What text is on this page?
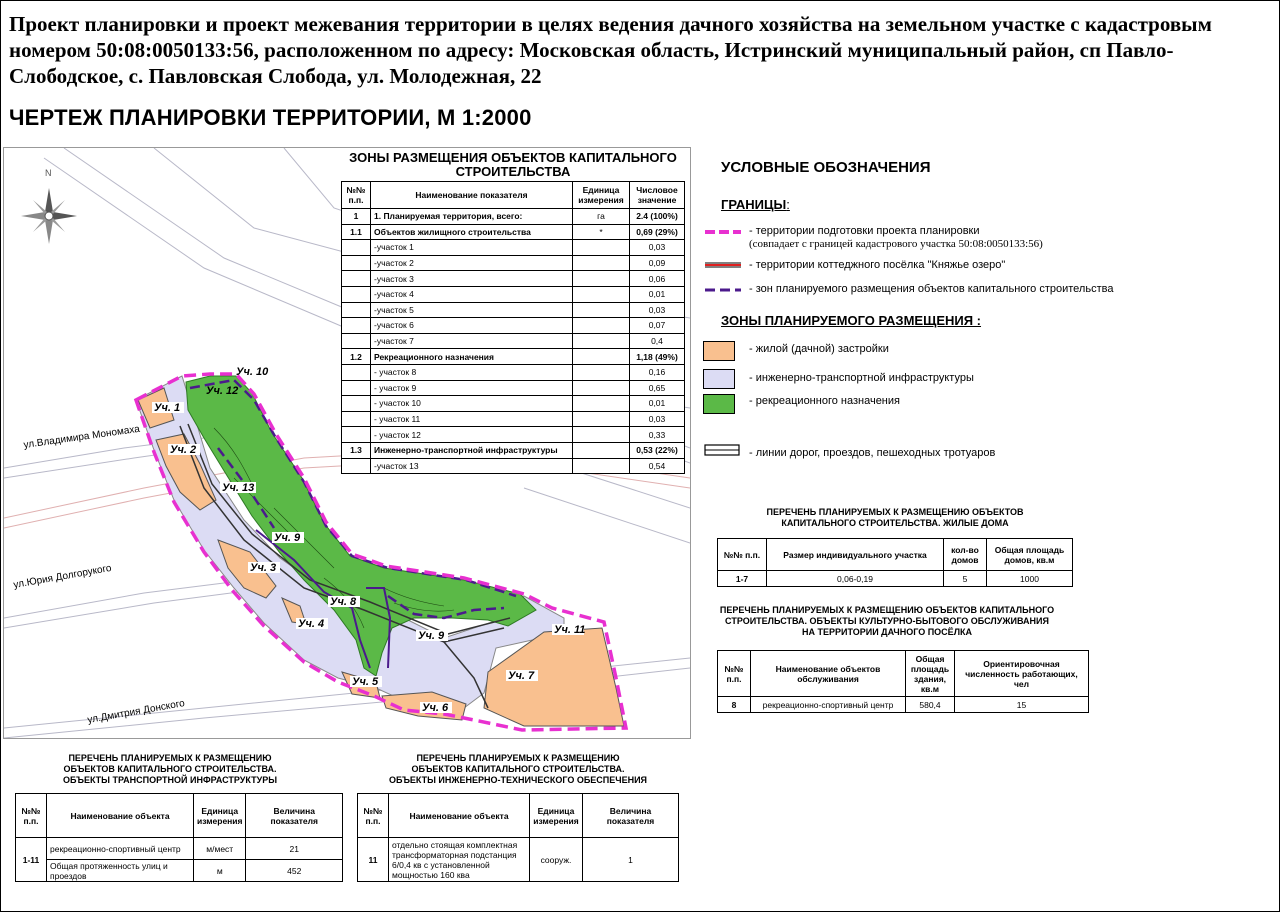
Проект планировки и проект межевания территории в целях ведения дачного хозяйства на земельном участке с кадастровым номером 50:08:0050133:56, расположенном по адресу: Московская область, Истринский муниципальный район, сп Павло-Слободское, с. Павловская Слобода, ул. Молодежная, 22
ЧЕРТЕЖ ПЛАНИРОВКИ ТЕРРИТОРИИ, М 1:2000
N
ул.Владимира Мономаха
ул.Юрия Долгорукого
ул.Дмитрия Донского
Уч. 1
Уч. 2
Уч. 3
Уч. 4
Уч. 5
Уч. 6
Уч. 7
Уч. 8
Уч. 9
Уч. 9
Уч. 10
Уч. 11
Уч. 12
Уч. 13
ЗОНЫ РАЗМЕЩЕНИЯ ОБЪЕКТОВ КАПИТАЛЬНОГО СТРОИТЕЛЬСТВА
№№ п.п.	Наименование показателя	Единица измерения	Числовое значение
1	1. Планируемая территория, всего:	га	2.4 (100%)
1.1	Объектов жилищного строительства	*	0,69 (29%)
	-участок 1		0,03
	-участок 2		0,09
	-участок 3		0,06
	-участок 4		0,01
	-участок 5		0,03
	-участок 6		0,07
	-участок 7		0,4
1.2	Рекреационного назначения		1,18 (49%)
	- участок 8		0,16
	- участок 9		0,65
	- участок 10		0,01
	- участок 11		0,03
	- участок 12		0,33
1.3	Инженерно-транспортной инфраструктуры		0,53 (22%)
	-участок 13		0,54
УСЛОВНЫЕ ОБОЗНАЧЕНИЯ
ГРАНИЦЫ:
- территории подготовки проекта планировки
(совпадает с границей кадастрового участка 50:08:0050133:56)
- территории коттеджного посёлка "Княжье озеро"
- зон планируемого размещения объектов капитального строительства
ЗОНЫ ПЛАНИРУЕМОГО РАЗМЕЩЕНИЯ :
- жилой (дачной) застройки
- инженерно-транспортной инфраструктуры
- рекреационного назначения
- линии дорог, проездов, пешеходных тротуаров
ПЕРЕЧЕНЬ ПЛАНИРУЕМЫХ К РАЗМЕЩЕНИЮ ОБЪЕКТОВ
КАПИТАЛЬНОГО СТРОИТЕЛЬСТВА. ЖИЛЫЕ ДОМА
№№ п.п.	Размер индивидуального участка	кол-во домов	Общая площадь домов, кв.м
1-7	0,06-0,19	5	1000
ПЕРЕЧЕНЬ ПЛАНИРУЕМЫХ К РАЗМЕЩЕНИЮ ОБЪЕКТОВ КАПИТАЛЬНОГО
СТРОИТЕЛЬСТВА. ОБЪЕКТЫ КУЛЬТУРНО-БЫТОВОГО ОБСЛУЖИВАНИЯ
НА ТЕРРИТОРИИ ДАЧНОГО ПОСЁЛКА
№№ п.п.	Наименование объектов обслуживания	Общая площадь здания, кв.м	Ориентировочная численность работающих, чел
8	рекреационно-спортивный центр	580,4	15
ПЕРЕЧЕНЬ ПЛАНИРУЕМЫХ К РАЗМЕЩЕНИЮ
ОБЪЕКТОВ КАПИТАЛЬНОГО СТРОИТЕЛЬСТВА.
ОБЪЕКТЫ ТРАНСПОРТНОЙ ИНФРАСТРУКТУРЫ
№№ п.п.	Наименование объекта	Единица измерения	Величина показателя
1-11	рекреационно-спортивный центр	м/мест	21
	Общая протяженность улиц и проездов	м	452
ПЕРЕЧЕНЬ ПЛАНИРУЕМЫХ К РАЗМЕЩЕНИЮ
ОБЪЕКТОВ КАПИТАЛЬНОГО СТРОИТЕЛЬСТВА.
ОБЪЕКТЫ ИНЖЕНЕРНО-ТЕХНИЧЕСКОГО ОБЕСПЕЧЕНИЯ
№№ п.п.	Наименование объекта	Единица измерения	Величина показателя
11	отдельно стоящая комплектная трансформаторная подстанция 6/0,4 кв с установленной мощностью 160 ква	сооруж.	1
